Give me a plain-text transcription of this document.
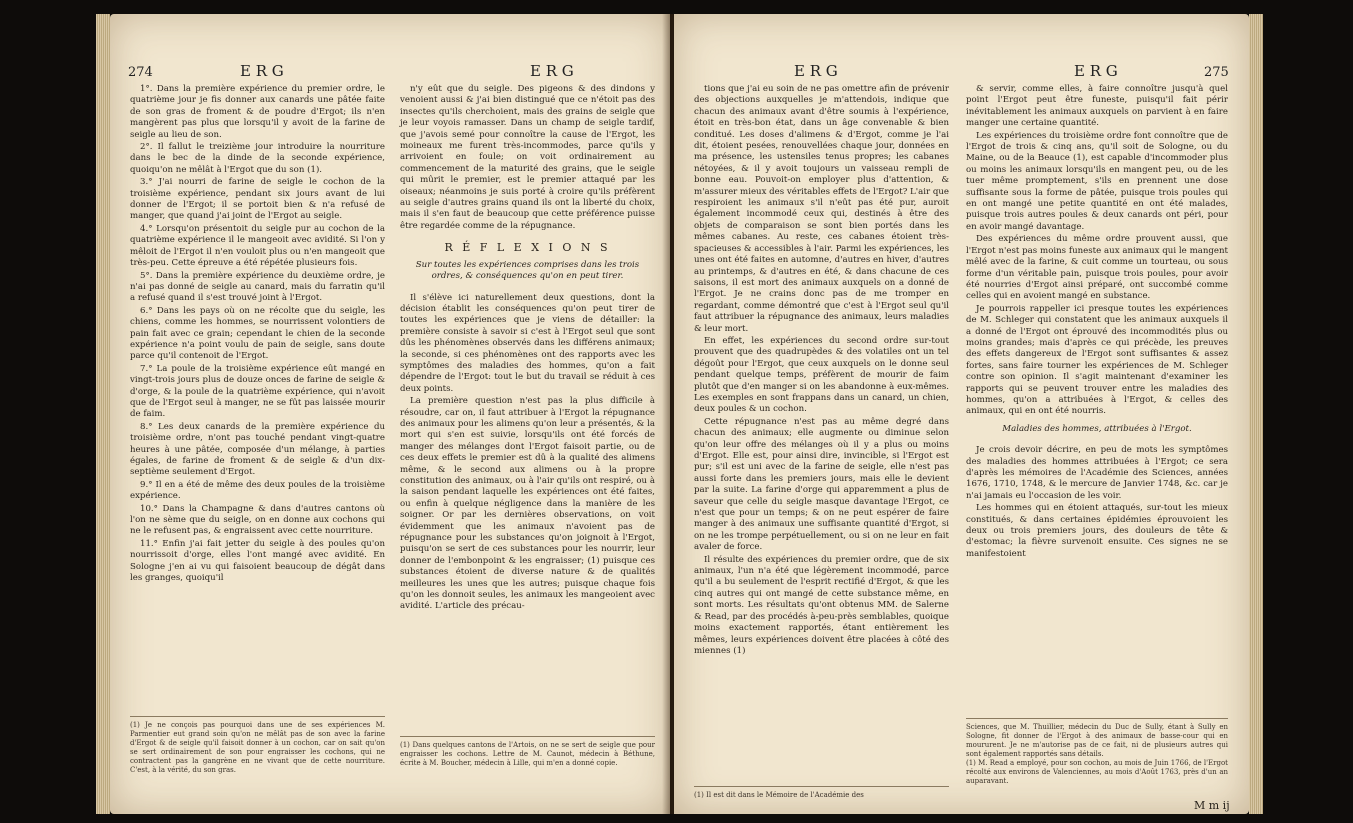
274	E R G	E R G

1°. Dans la première expérience du premier ordre, le quatrième jour je fis donner aux canards une pâtée faite de son gras de froment & de poudre d'Ergot; ils n'en mangèrent pas plus que lorsqu'il y avoit de la farine de seigle au lieu de son.

2°. Il fallut le treizième jour introduire la nourriture dans le bec de la dinde de la seconde expérience, quoiqu'on ne mêlât à l'Ergot que du son (1).

3.° J'ai nourri de farine de seigle le cochon de la troisième expérience, pendant six jours avant de lui donner de l'Ergot; il se portoit bien & n'a refusé de manger, que quand j'ai joint de l'Ergot au seigle.

4.° Lorsqu'on présentoit du seigle pur au cochon de la quatrième expérience il le mangeoit avec avidité. Si l'on y mêloit de l'Ergot il n'en vouloit plus ou n'en mangeoit que très-peu. Cette épreuve a été répétée plusieurs fois.

5°. Dans la première expérience du deuxième ordre, je n'ai pas donné de seigle au canard, mais du farratin qu'il a refusé quand il s'est trouvé joint à l'Ergot.

6.° Dans les pays où on ne récolte que du seigle, les chiens, comme les hommes, se nourrissent volontiers de pain fait avec ce grain; cependant le chien de la seconde expérience n'a point voulu de pain de seigle, sans doute parce qu'il contenoit de l'Ergot.

7.° La poule de la troisième expérience eût mangé en vingt-trois jours plus de douze onces de farine de seigle & d'orge, & la poule de la quatrième expérience, qui n'avoit que de l'Ergot seul à manger, ne se fût pas laissée mourir de faim.

8.° Les deux canards de la première expérience du troisième ordre, n'ont pas touché pendant vingt-quatre heures à une pâtée, composée d'un mélange, à parties égales, de farine de froment & de seigle & d'un dix-septième seulement d'Ergot.

9.° Il en a été de même des deux poules de la troisième expérience.

10.° Dans la Champagne & dans d'autres cantons où l'on ne sème que du seigle, on en donne aux cochons qui ne le refusent pas, & engraissent avec cette nourriture.

11.° Enfin j'ai fait jetter du seigle à des poules qu'on nourrissoit d'orge, elles l'ont mangé avec avidité. En Sologne j'en ai vu qui faisoient beaucoup de dégât dans les granges, quoiqu'il

(1) Je ne conçois pas pourquoi dans une de ses expériences M. Parmentier eut grand soin qu'on ne mêlât pas de son avec la farine d'Ergot & de seigle qu'il faisoit donner à un cochon, car on sait qu'on se sert ordinairement de son pour engraisser les cochons, qui ne contractent pas la gangrène en ne vivant que de cette nourriture. C'est, à la vérité, du son gras.

n'y eût que du seigle. Des pigeons & des dindons y venoient aussi & j'ai bien distingué que ce n'étoit pas des insectes qu'ils cherchoient, mais des grains de seigle que je leur voyois ramasser. Dans un champ de seigle tardif, que j'avois semé pour connoître la cause de l'Ergot, les moineaux me furent très-incommodes, parce qu'ils y arrivoient en foule; on voit ordinairement au commencement de la maturité des grains, que le seigle qui mûrit le premier, est le premier attaqué par les oiseaux; néanmoins je suis porté à croire qu'ils préfèrent au seigle d'autres grains quand ils ont la liberté du choix, mais il s'en faut de beaucoup que cette préférence puisse être regardée comme de la répugnance.

R É F L E X I O N S

Sur toutes les expériences comprises dans les trois ordres, & conséquences qu'on en peut tirer.

Il s'élève ici naturellement deux questions, dont la décision établit les conséquences qu'on peut tirer de toutes les expériences que je viens de détailler: la première consiste à savoir si c'est à l'Ergot seul que sont dûs les phénomènes observés dans les différens animaux; la seconde, si ces phénomènes ont des rapports avec les symptômes des maladies des hommes, qu'on a fait dépendre de l'Ergot: tout le but du travail se réduit à ces deux points.

La première question n'est pas la plus difficile à résoudre, car on, il faut attribuer à l'Ergot la répugnance des animaux pour les alimens qu'on leur a présentés, & la mort qui s'en est suivie, lorsqu'ils ont été forcés de manger des mélanges dont l'Ergot faisoit partie, ou de ces deux effets le premier est dû à la qualité des alimens même, & le second aux alimens ou à la propre constitution des animaux, ou à l'air qu'ils ont respiré, ou à la saison pendant laquelle les expériences ont été faites, ou enfin à quelque négligence dans la manière de les soigner. Or par les dernières observations, on voit évidemment que les animaux n'avoient pas de répugnance pour les substances qu'on joignoit à l'Ergot, puisqu'on se sert de ces substances pour les nourrir, leur donner de l'embonpoint & les engraisser; (1) puisque ces substances étoient de diverse nature & de qualités meilleures les unes que les autres; puisque chaque fois qu'on les donnoit seules, les animaux les mangeoient avec avidité. L'article des précau-

(1) Dans quelques cantons de l'Artois, on ne se sert de seigle que pour engraisser les cochons. Lettre de M. Caunot, médecin à Béthune, écrite à M. Boucher, médecin à Lille, qui m'en a donné copie.
E R G	E R G	275

tions que j'ai eu soin de ne pas omettre afin de prévenir des objections auxquelles je m'attendois, indique que chacun des animaux avant d'être soumis à l'expérience, étoit en très-bon état, dans un âge convenable & bien conditué. Les doses d'alimens & d'Ergot, comme je l'ai dit, étoient pesées, renouvellées chaque jour, données en ma présence, les ustensiles tenus propres; les cabanes nétoyées, & il y avoit toujours un vaisseau rempli de bonne eau. Pouvoit-on employer plus d'attention, & m'assurer mieux des véritables effets de l'Ergot? L'air que respiroient les animaux s'il n'eût pas été pur, auroit également incommodé ceux qui, destinés à être des objets de comparaison se sont bien portés dans les mêmes cabanes. Au reste, ces cabanes étoient très-spacieuses & accessibles à l'air. Parmi les expériences, les unes ont été faites en automne, d'autres en hiver, d'autres au printemps, & d'autres en été, & dans chacune de ces saisons, il est mort des animaux auxquels on a donné de l'Ergot. Je ne crains donc pas de me tromper en regardant, comme démontré que c'est à l'Ergot seul qu'il faut attribuer la répugnance des animaux, leurs maladies & leur mort.

En effet, les expériences du second ordre sur-tout prouvent que des quadrupèdes & des volatiles ont un tel dégoût pour l'Ergot, que ceux auxquels on le donne seul pendant quelque temps, préfèrent de mourir de faim plutôt que d'en manger si on les abandonne à eux-mêmes. Les exemples en sont frappans dans un canard, un chien, deux poules & un cochon.

Cette répugnance n'est pas au même degré dans chacun des animaux; elle augmente ou diminue selon qu'on leur offre des mélanges où il y a plus ou moins d'Ergot. Elle est, pour ainsi dire, invincible, si l'Ergot est pur; s'il est uni avec de la farine de seigle, elle n'est pas aussi forte dans les premiers jours, mais elle le devient par la suite. La farine d'orge qui apparemment a plus de saveur que celle du seigle masque davantage l'Ergot, ce n'est que pour un temps; & on ne peut espérer de faire manger à des animaux une suffisante quantité d'Ergot, si on ne les trompe perpétuellement, ou si on ne leur en fait avaler de force.

Il résulte des expériences du premier ordre, que de six animaux, l'un n'a été que légèrement incommodé, parce qu'il a bu seulement de l'esprit rectifié d'Ergot, & que les cinq autres qui ont mangé de cette substance même, en sont morts. Les résultats qu'ont obtenus MM. de Salerne & Read, par des procédés à-peu-près semblables, quoique moins exactement rapportés, étant entièrement les mêmes, leurs expériences doivent être placées à côté des miennes (1)

(1) Il est dit dans le Mémoire de l'Académie des

& servir, comme elles, à faire connoître jusqu'à quel point l'Ergot peut être funeste, puisqu'il fait périr inévitablement les animaux auxquels on parvient à en faire manger une certaine quantité.

Les expériences du troisième ordre font connoître que de l'Ergot de trois & cinq ans, qu'il soit de Sologne, ou du Maine, ou de la Beauce (1), est capable d'incommoder plus ou moins les animaux lorsqu'ils en mangent peu, ou de les tuer même promptement, s'ils en prennent une dose suffisante sous la forme de pâtée, puisque trois poules qui en ont mangé une petite quantité en ont été malades, puisque trois autres poules & deux canards ont péri, pour en avoir mangé davantage.

Des expériences du même ordre prouvent aussi, que l'Ergot n'est pas moins funeste aux animaux qui le mangent mêlé avec de la farine, & cuit comme un tourteau, ou sous forme d'un véritable pain, puisque trois poules, pour avoir été nourries d'Ergot ainsi préparé, ont succombé comme celles qui en avoient mangé en substance.

Je pourrois rappeller ici presque toutes les expériences de M. Schleger qui constatent que les animaux auxquels il a donné de l'Ergot ont éprouvé des incommodités plus ou moins grandes; mais d'après ce qui précède, les preuves des effets dangereux de l'Ergot sont suffisantes & assez fortes, sans faire tourner les expériences de M. Schleger contre son opinion. Il s'agit maintenant d'examiner les rapports qui se peuvent trouver entre les maladies des hommes, qu'on a attribuées à l'Ergot, & celles des animaux, qui en ont été nourris.

Maladies des hommes, attribuées à l'Ergot.

Je crois devoir décrire, en peu de mots les symptômes des maladies des hommes attribuées à l'Ergot; ce sera d'après les mémoires de l'Académie des Sciences, années 1676, 1710, 1748, & le mercure de Janvier 1748, &c. car je n'ai jamais eu l'occasion de les voir.

Les hommes qui en étoient attaqués, sur-tout les mieux constitués, & dans certaines épidémies éprouvoient les deux ou trois premiers jours, des douleurs de tête & d'estomac; la fièvre survenoit ensuite. Ces signes ne se manifestoient

Sciences, que M. Thuillier, médecin du Duc de Sully, étant à Sully en Sologne, fit donner de l'Ergot à des animaux de basse-cour qui en moururent. Je ne m'autorise pas de ce fait, ni de plusieurs autres qui sont également rapportés sans détails.
(1) M. Read a employé, pour son cochon, au mois de Juin 1766, de l'Ergot récolté aux environs de Valenciennes, au mois d'Août 1763, près d'un an auparavant.
M m ij
